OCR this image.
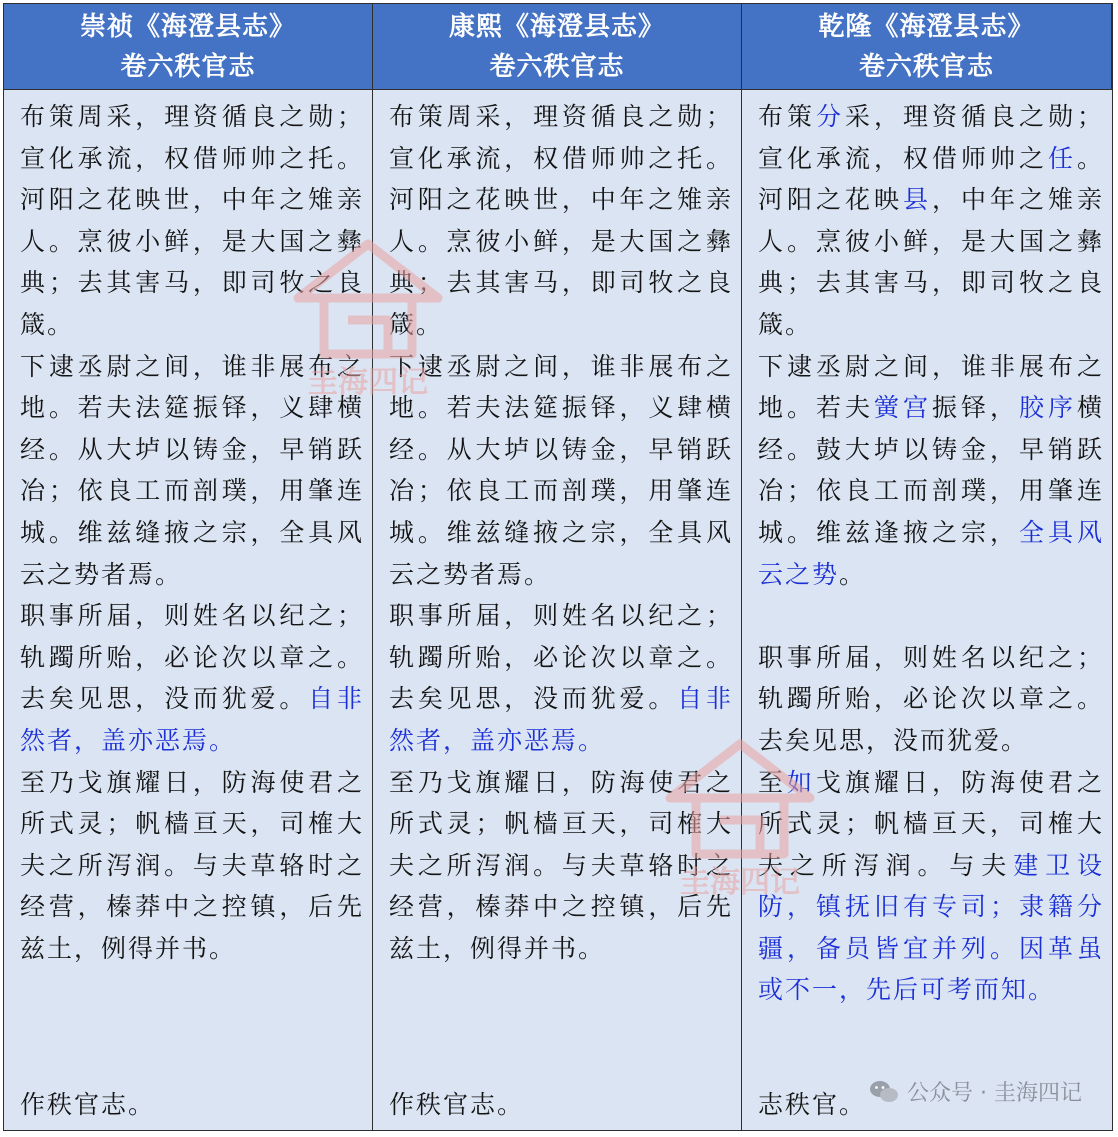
崇祯《海澄县志》
卷六秩官志
康熙《海澄县志》
卷六秩官志
乾隆《海澄县志》
卷六秩官志

布策周采，理资循良之勋；宣化承流，权借师帅之托。河阳之花映世，中年之雉亲人。烹彼小鲜，是大国之彝典；去其害马，即司牧之良箴。

下逮丞尉之间，谁非展布之地。若夫法筵振铎，义肆横经。从大垆以铸金，早销跃冶；依良工而剖璞，用肇连城。维兹缝掖之宗，全具风云之势者焉。

职事所届，则姓名以纪之；轨躅所贻，必论次以章之。去矣见思，没而犹爱。自非然者，盖亦恶焉。

至乃戈旗耀日，防海使君之所式灵；帆樯亘天，司榷大夫之所泻润。与夫草辂时之经营，榛莽中之控镇，后先兹土，例得并书。

作秩官志。

布策周采，理资循良之勋；宣化承流，权借师帅之托。河阳之花映世，中年之雉亲人。烹彼小鲜，是大国之彝典；去其害马，即司牧之良箴。

下逮丞尉之间，谁非展布之地。若夫法筵振铎，义肆横经。从大垆以铸金，早销跃冶；依良工而剖璞，用肇连城。维兹缝掖之宗，全具风云之势者焉。

职事所届，则姓名以纪之；轨躅所贻，必论次以章之。去矣见思，没而犹爱。自非然者，盖亦恶焉。

至乃戈旗耀日，防海使君之所式灵；帆樯亘天，司榷大夫之所泻润。与夫草辂时之经营，榛莽中之控镇，后先兹土，例得并书。

作秩官志。

布策分采，理资循良之勋；宣化承流，权借师帅之任。河阳之花映县，中年之雉亲人。烹彼小鲜，是大国之彝典；去其害马，即司牧之良箴。

下逮丞尉之间，谁非展布之地。若夫黉宫振铎，胶序横经。鼓大垆以铸金，早销跃冶；依良工而剖璞，用肇连城。维兹逢掖之宗，全具风云之势。

职事所届，则姓名以纪之；轨躅所贻，必论次以章之。去矣见思，没而犹爱。

至如戈旗耀日，防海使君之所式灵；帆樯亘天，司榷大夫之所泻润。与夫建卫设防，镇抚旧有专司；隶籍分疆，备员皆宜并列。因革虽或不一，先后可考而知。

志秩官。
圭海四记
圭海四记
公众号 · 圭海四记
